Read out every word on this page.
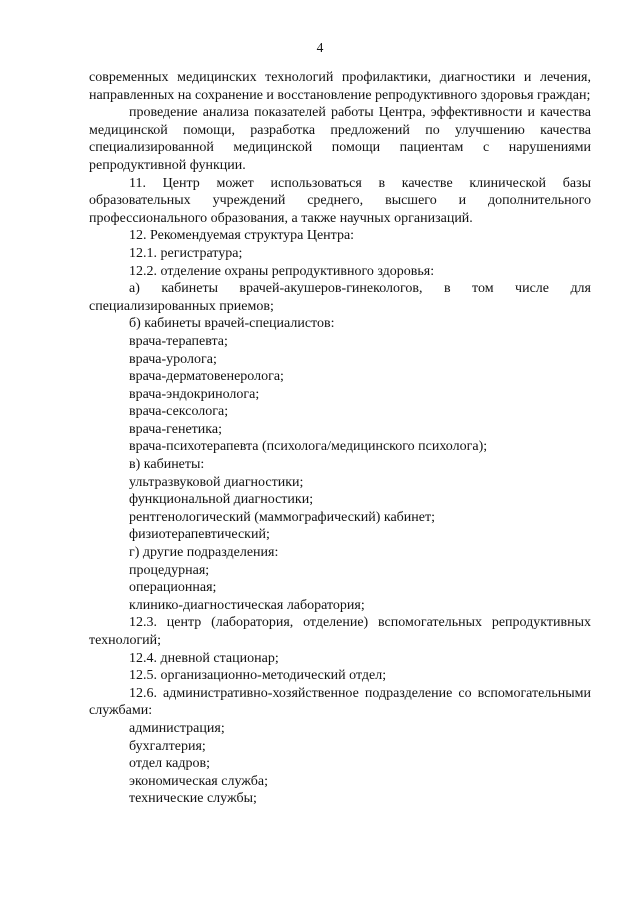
4

современных медицинских технологий профилактики, диагностики и лечения, направленных на сохранение и восстановление репродуктивного здоровья граждан;

проведение анализа показателей работы Центра, эффективности и качества медицинской помощи, разработка предложений по улучшению качества специализированной медицинской помощи пациентам с нарушениями репродуктивной функции.

11. Центр может использоваться в качестве клинической базы образовательных учреждений среднего, высшего и дополнительного профессионального образования, а также научных организаций.

12. Рекомендуемая структура Центра:

12.1. регистратура;

12.2. отделение охраны репродуктивного здоровья:

а) кабинеты врачей-акушеров-гинекологов, в том числе для специализированных приемов;

б) кабинеты врачей-специалистов:

врача-терапевта;

врача-уролога;

врача-дерматовенеролога;

врача-эндокринолога;

врача-сексолога;

врача-генетика;

врача-психотерапевта (психолога/медицинского психолога);

в) кабинеты:

ультразвуковой диагностики;

функциональной диагностики;

рентгенологический (маммографический) кабинет;

физиотерапевтический;

г) другие подразделения:

процедурная;

операционная;

клинико-диагностическая лаборатория;

12.3. центр (лаборатория, отделение) вспомогательных репродуктивных технологий;

12.4. дневной стационар;

12.5. организационно-методический отдел;

12.6. административно-хозяйственное подразделение со вспомогательными службами:

администрация;

бухгалтерия;

отдел кадров;

экономическая служба;

технические службы;
